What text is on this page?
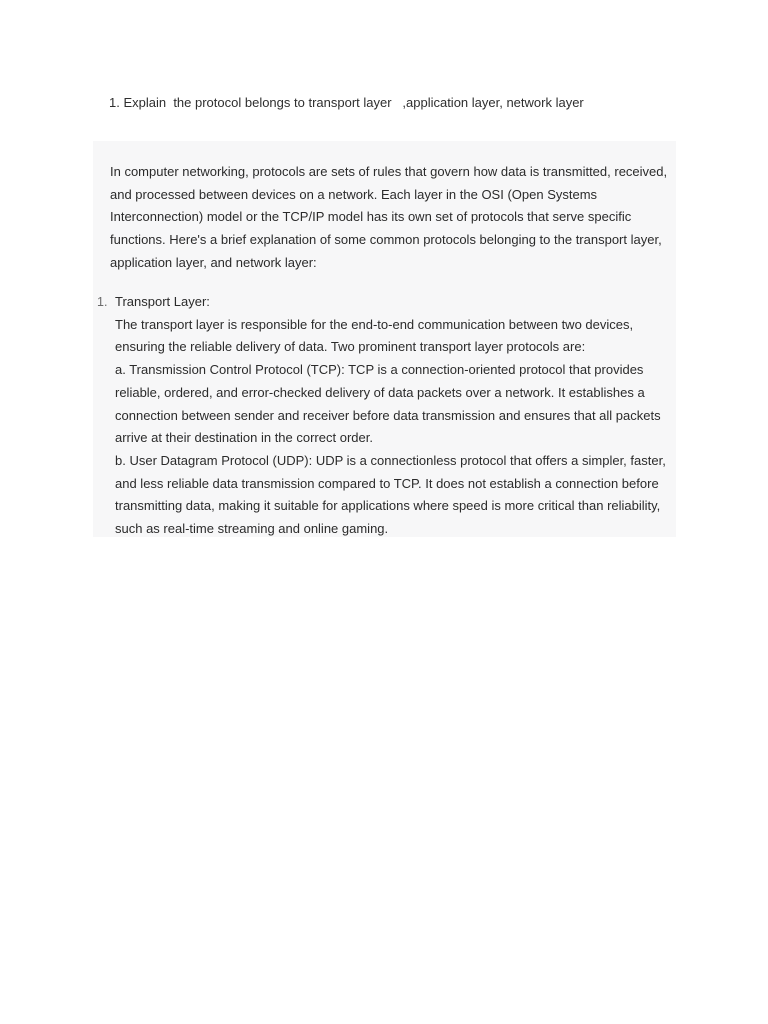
1. Explain  the protocol belongs to transport layer   ,application layer, network layer
In computer networking, protocols are sets of rules that govern how data is transmitted, received, and processed between devices on a network. Each layer in the OSI (Open Systems Interconnection) model or the TCP/IP model has its own set of protocols that serve specific functions. Here's a brief explanation of some common protocols belonging to the transport layer, application layer, and network layer:
1. Transport Layer:

The transport layer is responsible for the end-to-end communication between two devices, ensuring the reliable delivery of data. Two prominent transport layer protocols are:

a. Transmission Control Protocol (TCP): TCP is a connection-oriented protocol that provides reliable, ordered, and error-checked delivery of data packets over a network. It establishes a connection between sender and receiver before data transmission and ensures that all packets arrive at their destination in the correct order.

b. User Datagram Protocol (UDP): UDP is a connectionless protocol that offers a simpler, faster, and less reliable data transmission compared to TCP. It does not establish a connection before transmitting data, making it suitable for applications where speed is more critical than reliability, such as real-time streaming and online gaming.
